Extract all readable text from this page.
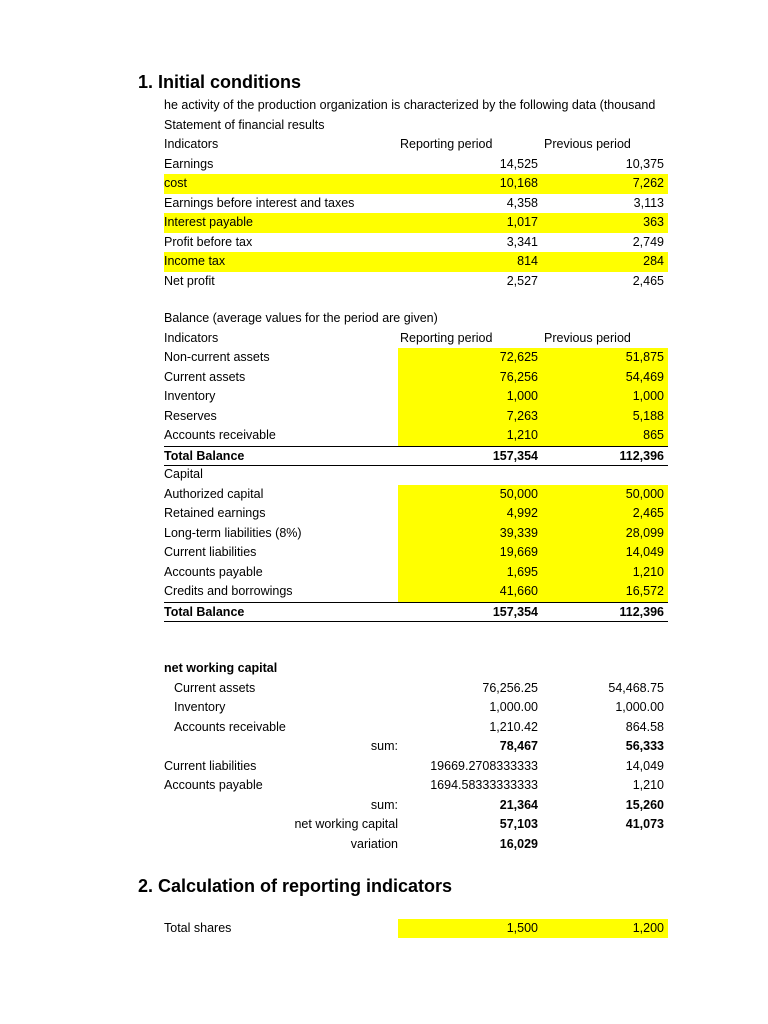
1. Initial conditions
he activity of the production organization is characterized by the following data (thousand
Statement of financial results
Indicators	Reporting period	Previous period
Earnings	14,525	10,375
cost	10,168	7,262
Earnings before interest and taxes	4,358	3,113
Interest payable	1,017	363
Profit before tax	3,341	2,749
Income tax	814	284
Net profit	2,527	2,465
Balance (average values for the period are given)
Indicators	Reporting period	Previous period
Non-current assets	72,625	51,875
Current assets	76,256	54,469
Inventory	1,000	1,000
Reserves	7,263	5,188
Accounts receivable	1,210	865
Total Balance	157,354	112,396
Capital
Authorized capital	50,000	50,000
Retained earnings	4,992	2,465
Long-term liabilities (8%)	39,339	28,099
Current liabilities	19,669	14,049
Accounts payable	1,695	1,210
Credits and borrowings	41,660	16,572
Total Balance	157,354	112,396
net working capital
Current assets	76,256.25	54,468.75
Inventory	1,000.00	1,000.00
Accounts receivable	1,210.42	864.58
sum:	78,467	56,333
Current liabilities	19669.2708333333	14,049
Accounts payable	1694.58333333333	1,210
sum:	21,364	15,260
net working capital	57,103	41,073
variation	16,029
2. Calculation of reporting indicators
Total shares	1,500	1,200
